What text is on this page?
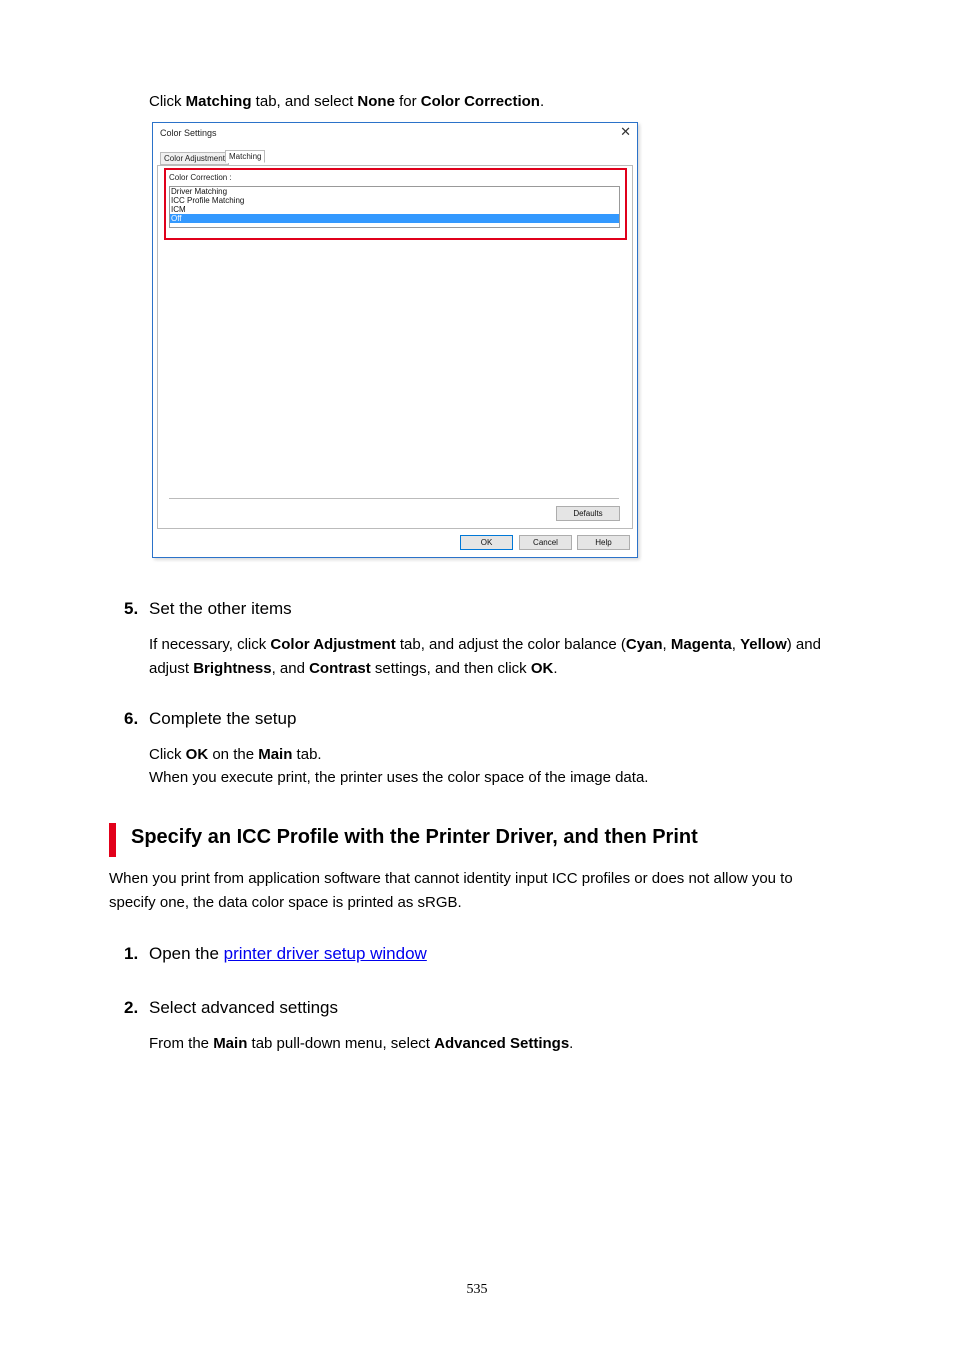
Click Matching tab, and select None for Color Correction.
Color Settings	✕
Color Adjustment Matching
Color Correction :
Driver Matching
ICC Profile Matching
ICM
Off
Defaults
OK	Cancel	Help
5. Set the other items
If necessary, click Color Adjustment tab, and adjust the color balance (Cyan, Magenta, Yellow) and
adjust Brightness, and Contrast settings, and then click OK.
6. Complete the setup
Click OK on the Main tab.
When you execute print, the printer uses the color space of the image data.
Specify an ICC Profile with the Printer Driver, and then Print
When you print from application software that cannot identity input ICC profiles or does not allow you to
specify one, the data color space is printed as sRGB.
1. Open the printer driver setup window
2. Select advanced settings
From the Main tab pull-down menu, select Advanced Settings.
535
